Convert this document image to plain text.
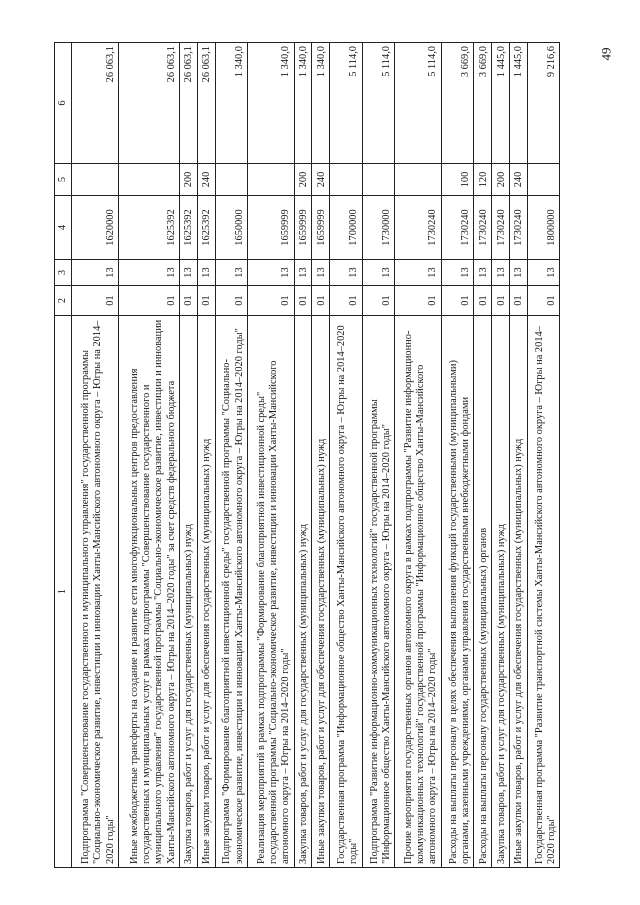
49
1	2	3	4	5	6
Подпрограмма "Совершенствование государственного и муниципального управления" государственной программы "Социально-экономическое развитие, инвестиции и инновации Ханты-Мансийского автономного округа – Югры на 2014–2020 годы"	01	13	1620000		26 063,1
Иные межбюджетные трансферты на создание и развитие сети многофункциональных центров предоставления государственных и муниципальных услуг в рамках подпрограммы "Совершенствование государственного и муниципального управления" государственной программы "Социально-экономическое развитие, инвестиции и инновации Ханты-Мансийского автономного округа – Югры на 2014–2020 годы" за счет средств федерального бюджета	01	13	1625392		26 063,1
Закупка товаров, работ и услуг для государственных (муниципальных) нужд	01	13	1625392	200	26 063,1
Иные закупки товаров, работ и услуг для обеспечения государственных (муниципальных) нужд	01	13	1625392	240	26 063,1
Подпрограмма "Формирование благоприятной инвестиционной среды" государственной программы "Социально-экономическое развитие, инвестиции и инновации Ханты-Мансийского автономного округа – Югры на 2014–2020 годы"	01	13	1650000		1 340,0
Реализация мероприятий в рамках подпрограммы "Формирование благоприятной инвестиционной среды" государственной программы "Социально-экономическое развитие, инвестиции и инновации Ханты-Мансийского автономного округа – Югры на 2014–2020 годы"	01	13	1659999		1 340,0
Закупка товаров, работ и услуг для государственных (муниципальных) нужд	01	13	1659999	200	1 340,0
Иные закупки товаров, работ и услуг для обеспечения государственных (муниципальных) нужд	01	13	1659999	240	1 340,0
Государственная программа "Информационное общество Ханты-Мансийского автономного округа – Югры на 2014–2020 годы"	01	13	1700000		5 114,0
Подпрограмма "Развитие информационно-коммуникационных технологий" государственной программы "Информационное общество Ханты-Мансийского автономного округа – Югры на 2014–2020 годы"	01	13	1730000		5 114,0
Прочие мероприятия государственных органов автономного округа в рамках подпрограммы "Развитие информационно-коммуникационных технологий" государственной программы "Информационное общество Ханты-Мансийского автономного округа – Югры на 2014–2020 годы"	01	13	1730240		5 114,0
Расходы на выплаты персоналу в целях обеспечения выполнения функций государственными (муниципальными) органами, казенными учреждениями, органами управления государственными внебюджетными фондами	01	13	1730240	100	3 669,0
Расходы на выплаты персоналу государственных (муниципальных) органов	01	13	1730240	120	3 669,0
Закупка товаров, работ и услуг для государственных (муниципальных) нужд	01	13	1730240	200	1 445,0
Иные закупки товаров, работ и услуг для обеспечения государственных (муниципальных) нужд	01	13	1730240	240	1 445,0
Государственная программа "Развитие транспортной системы Ханты-Мансийского автономного округа – Югры на 2014–2020 годы"	01	13	1800000		9 216,6
